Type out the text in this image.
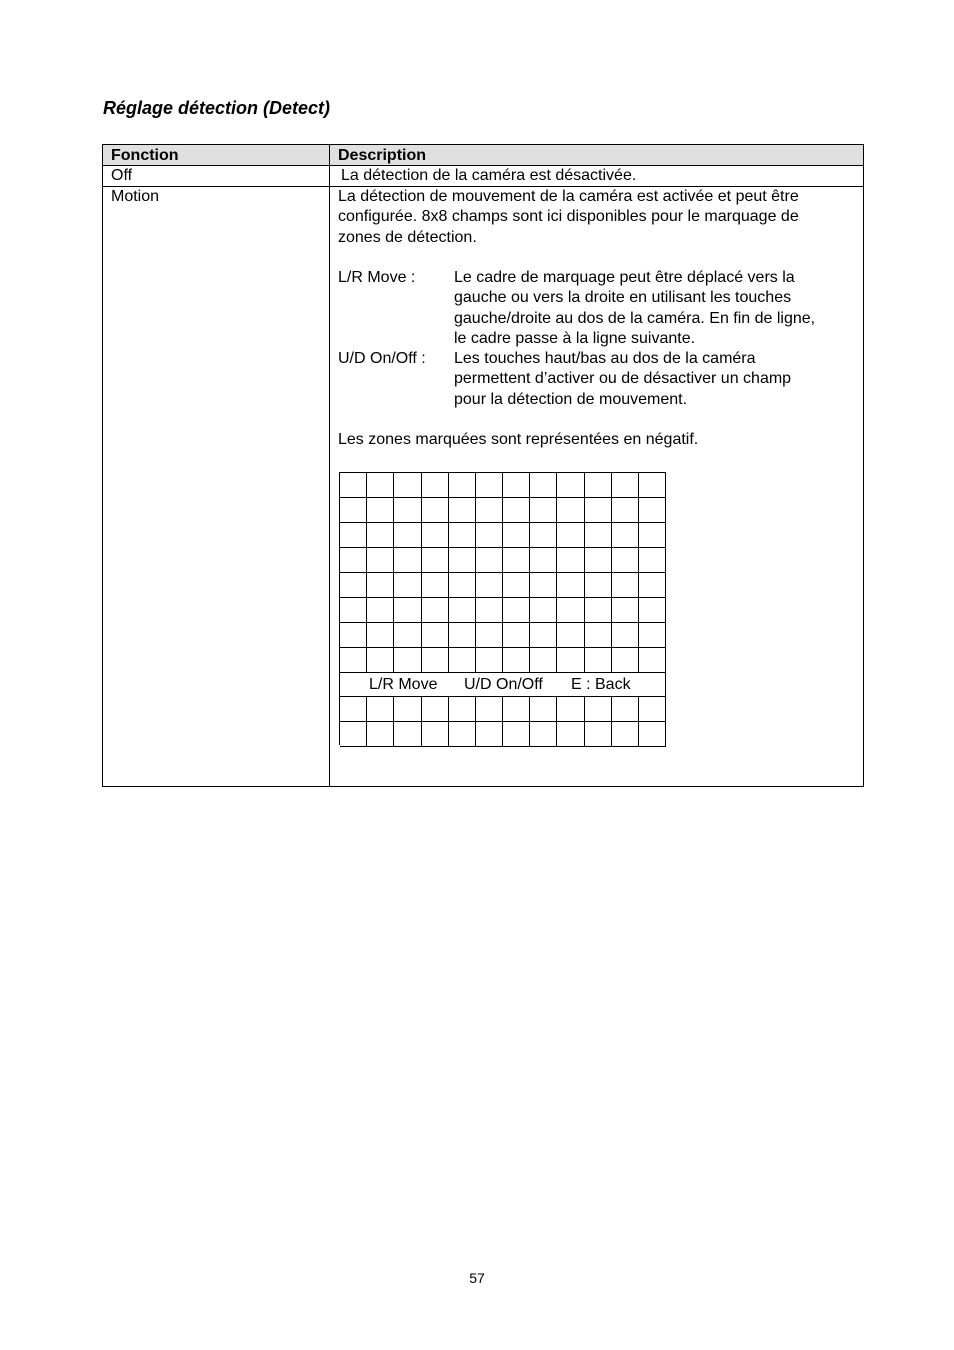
Réglage détection (Detect)
Fonction	Description
Off	La détection de la caméra est désactivée.
Motion	La détection de mouvement de la caméra est activée et peut être
configurée. 8x8 champs sont ici disponibles pour le marquage de
zones de détection.
L/R Move : Le cadre de marquage peut être déplacé vers la
gauche ou vers la droite en utilisant les touches
gauche/droite au dos de la caméra. En fin de ligne,
le cadre passe à la ligne suivante.
U/D On/Off : Les touches haut/bas au dos de la caméra
permettent d’activer ou de désactiver un champ
pour la détection de mouvement.
Les zones marquées sont représentées en négatif.
L/R Move U/D On/Off E : Back
57
